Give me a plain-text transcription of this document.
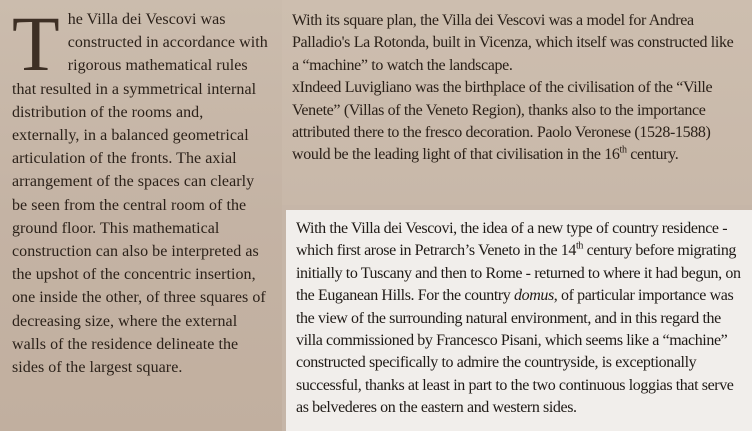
T he Villa dei Vescovi was constructed in accordance with rigorous mathematical rules that resulted in a symmetrical internal distribution of the rooms and, externally, in a balanced geometrical articulation of the fronts. The axial arrangement of the spaces can clearly be seen from the central room of the ground floor. This mathematical construction can also be interpreted as the upshot of the concentric insertion, one inside the other, of three squares of decreasing size, where the external walls of the residence delineate the sides of the largest square.

With its square plan, the Villa dei Vescovi was a model for Andrea Palladio's La Rotonda, built in Vicenza, which itself was constructed like a “machine” to watch the landscape.

xIndeed Luvigliano was the birthplace of the civilisation of the “Ville Venete” (Villas of the Veneto Region), thanks also to the importance attributed there to the fresco decoration. Paolo Veronese (1528-1588) would be the leading light of that civilisation in the 16th century.

With the Villa dei Vescovi, the idea of a new type of country residence - which first arose in Petrarch’s Veneto in the 14th century before migrating initially to Tuscany and then to Rome - returned to where it had begun, on the Euganean Hills. For the country domus, of particular importance was the view of the surrounding natural environment, and in this regard the villa commissioned by Francesco Pisani, which seems like a “machine” constructed specifically to admire the countryside, is exceptionally successful, thanks at least in part to the two continuous loggias that serve as belvederes on the eastern and western sides.
